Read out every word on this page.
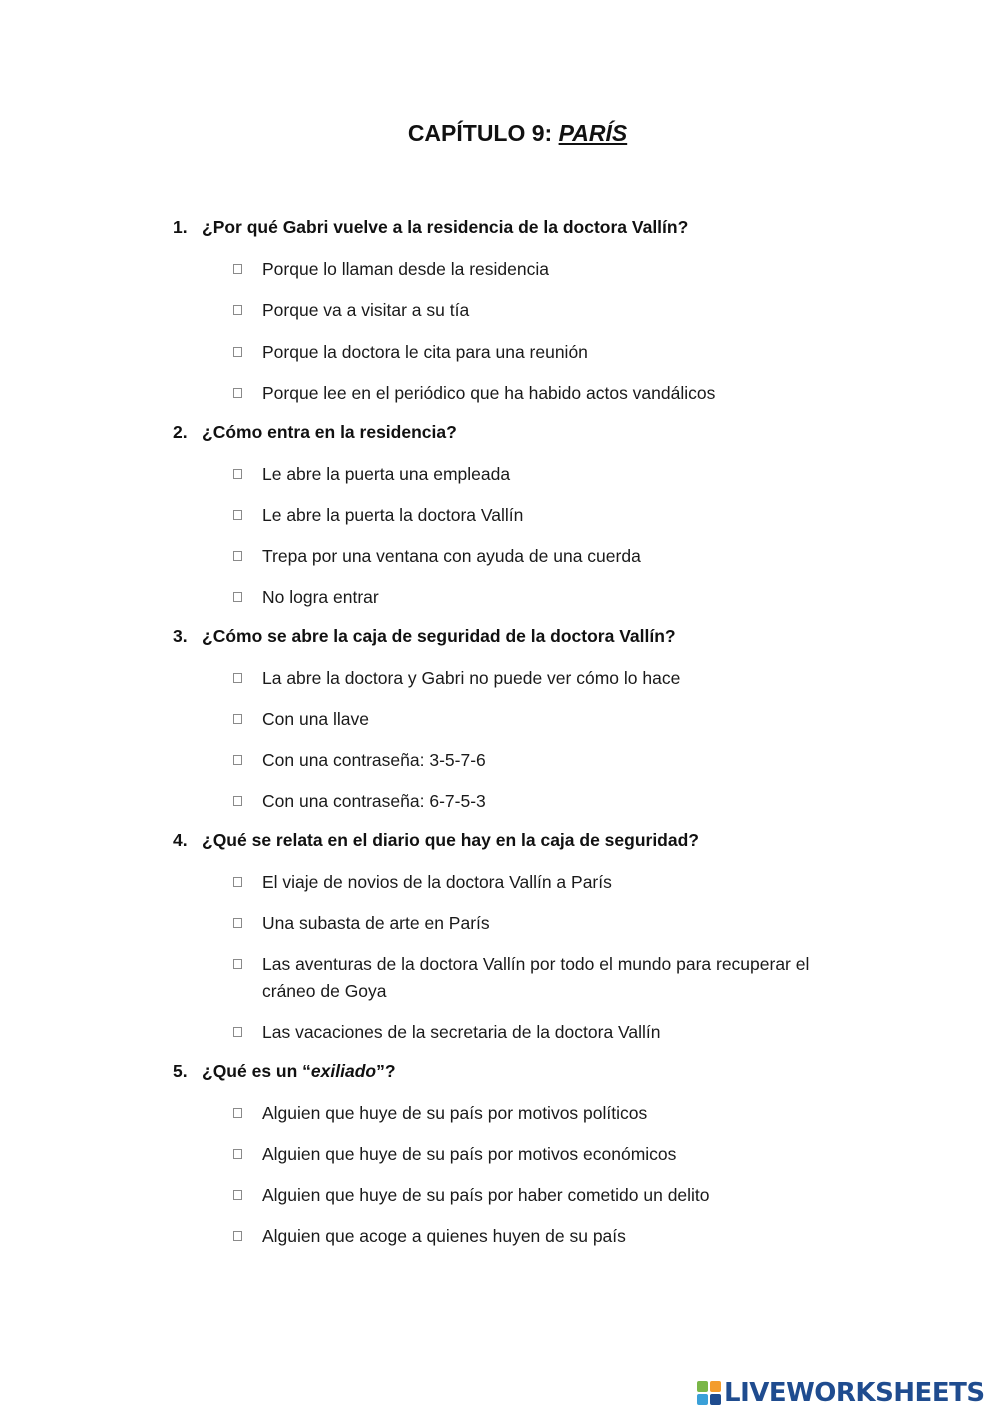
CAPÍTULO 9: PARÍS
1. ¿Por qué Gabri vuelve a la residencia de la doctora Vallín?
Porque lo llaman desde la residencia
Porque va a visitar a su tía
Porque la doctora le cita para una reunión
Porque lee en el periódico que ha habido actos vandálicos
2. ¿Cómo entra en la residencia?
Le abre la puerta una empleada
Le abre la puerta la doctora Vallín
Trepa por una ventana con ayuda de una cuerda
No logra entrar
3. ¿Cómo se abre la caja de seguridad de la doctora Vallín?
La abre la doctora y Gabri no puede ver cómo lo hace
Con una llave
Con una contraseña: 3-5-7-6
Con una contraseña: 6-7-5-3
4. ¿Qué se relata en el diario que hay en la caja de seguridad?
El viaje de novios de la doctora Vallín a París
Una subasta de arte en París
Las aventuras de la doctora Vallín por todo el mundo para recuperar el cráneo de Goya
Las vacaciones de la secretaria de la doctora Vallín
5. ¿Qué es un “exiliado”?
Alguien que huye de su país por motivos políticos
Alguien que huye de su país por motivos económicos
Alguien que huye de su país por haber cometido un delito
Alguien que acoge a quienes huyen de su país
LIVEWORKSHEETS
